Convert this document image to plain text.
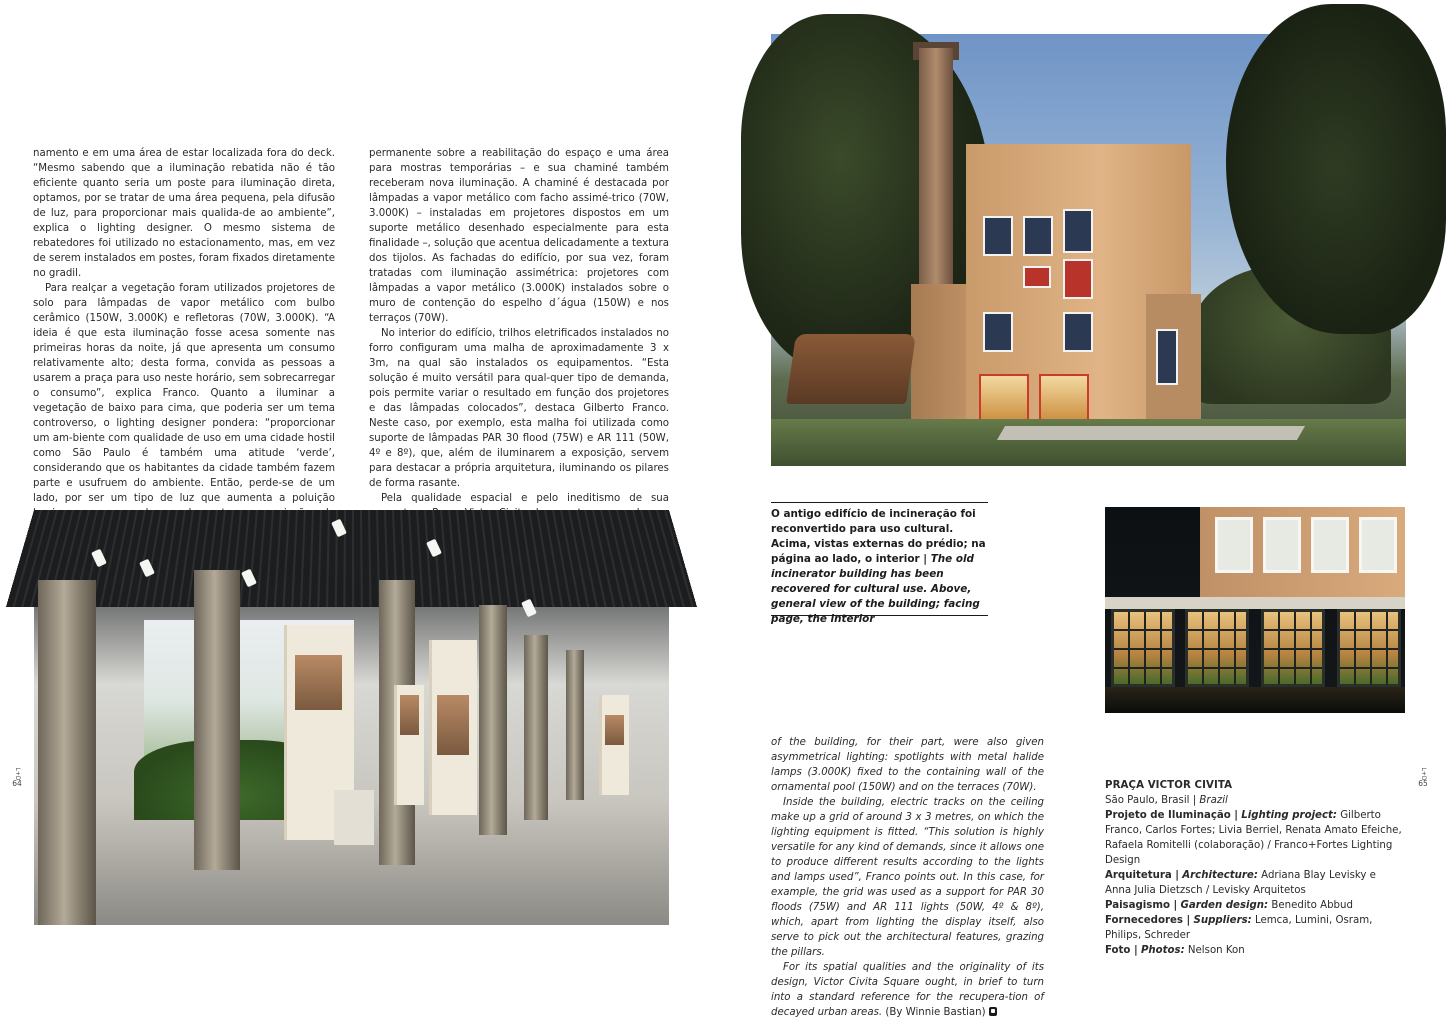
namento e em uma área de estar localizada fora do deck. “Mesmo sabendo que a iluminação rebatida não é tão eficiente quanto seria um poste para iluminação direta, optamos, por se tratar de uma área pequena, pela difusão de luz, para proporcionar mais qualida-de ao ambiente”, explica o lighting designer. O mesmo sistema de rebatedores foi utilizado no estacionamento, mas, em vez de serem instalados em postes, foram fixados diretamente no gradil.

Para realçar a vegetação foram utilizados projetores de solo para lâmpadas de vapor metálico com bulbo cerâmico (150W, 3.000K) e refletoras (70W, 3.000K). “A ideia é que esta iluminação fosse acesa somente nas primeiras horas da noite, já que apresenta um consumo relativamente alto; desta forma, convida as pessoas a usarem a praça para uso neste horário, sem sobrecarregar o consumo”, explica Franco. Quanto a iluminar a vegetação de baixo para cima, que poderia ser um tema controverso, o lighting designer pondera: “proporcionar um am-biente com qualidade de uso em uma cidade hostil como São Paulo é também uma atitude ‘verde’, considerando que os habitantes da cidade também fazem parte e usufruem do ambiente. Então, perde-se de um lado, por ser um tipo de luz que aumenta a poluição

permanente sobre a reabilitação do espaço e uma área para mostras temporárias – e sua chaminé também receberam nova iluminação. A chaminé é destacada por lâmpadas a vapor metálico com facho assimé-trico (70W, 3.000K) – instaladas em projetores dispostos em um suporte metálico desenhado especialmente para esta finalidade –, solução que acentua delicadamente a textura dos tijolos. As fachadas do edifício, por sua vez, foram tratadas com iluminação assimétrica: projetores com lâmpadas a vapor metálico (3.000K) instalados sobre o muro de contenção do espelho d´água (150W) e nos terraços (70W).

No interior do edifício, trilhos eletrificados instalados no forro configuram uma malha de aproximadamente 3 x 3m, na qual são instalados os equipamentos. “Esta solução é muito versátil para qual-quer tipo de demanda, pois permite variar o resultado em função dos projetores e das lâmpadas colocados”, destaca Gilberto Franco. Neste caso, por exemplo, esta malha foi utilizada como suporte de lâmpadas PAR 30 flood (75W) e AR 111 (50W, 4º e 8º), que, além de iluminarem a exposição, servem para destacar a própria arquitetura, iluminando os pilares de forma rasante.

Pela qualidade espacial e pelo ineditismo de sua

O antigo edifício de incineração foi reconvertido para uso cultural. Acima, vistas externas do prédio; na página ao lado, o interior | The old incinerator building has been recovered for cultural use. Above, general view of the building; facing page, the interior

of the building, for their part, were also given asymmetrical lighting: spotlights with metal halide lamps (3.000K) fixed to the containing wall of the ornamental pool (150W) and on the terraces (70W).

Inside the building, electric tracks on the ceiling make up a grid of around 3 x 3 metres, on which the lighting equipment is fitted. “This solution is highly versatile for any kind of demands, since it allows one to produce different results according to the lights and lamps used”, Franco points out. In this case, for example, the grid was used as a support for PAR 30 floods (75W) and AR 111 lights (50W, 4º & 8º), which, apart from lighting the display itself, also serve to pick out the architectural features, grazing the pillars.

For its spatial qualities and the originality of its design, Victor Civita Square ought, in brief to turn into a standard reference for the recupera-tion of decayed urban areas. (By Winnie Bastian)

PRAÇA VICTOR CIVITA
São Paulo, Brasil | Brazil
Projeto de Iluminação | Lighting project: Gilberto Franco, Carlos Fortes; Livia Berriel, Renata Amato Efeiche, Rafaela Romitelli (colaboração) / Franco+Fortes Lighting Design
Arquitetura | Architecture: Adriana Blay Levisky e Anna Julia Dietzsch / Levisky Arquitetos
Paisagismo | Garden design: Benedito Abbud
Fornecedores | Suppliers: Lemca, Lumini, Osram, Philips, Schreder
Foto | Photos: Nelson Kon
L+D
64
L+D
65
